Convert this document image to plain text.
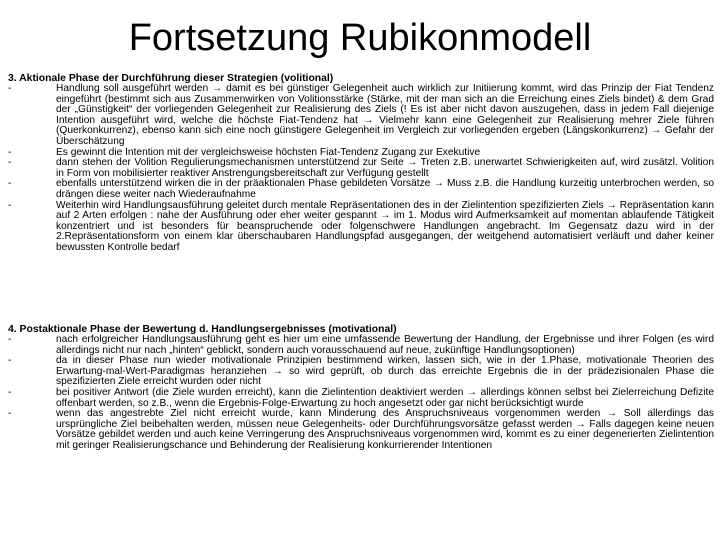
Fortsetzung Rubikonmodell
3. Aktionale Phase der Durchführung dieser Strategien (volitional)
-	Handlung soll ausgeführt werden → damit es bei günstiger Gelegenheit auch wirklich zur Initiierung kommt, wird das Prinzip der Fiat Tendenz eingeführt (bestimmt sich aus Zusammenwirken von Volitionsstärke (Stärke, mit der man sich an die Erreichung eines Ziels bindet) & dem Grad der „Günstigkeit“ der vorliegenden Gelegenheit zur Realisierung des Ziels (! Es ist aber nicht davon auszugehen, dass in jedem Fall diejenige Intention ausgeführt wird, welche die höchste Fiat-Tendenz hat → Vielmehr kann eine Gelegenheit zur Realisierung mehrer Ziele führen (Querkonkurrenz), ebenso kann sich eine noch günstigere Gelegenheit im Vergleich zur vorliegenden ergeben (Längskonkurrenz) → Gefahr der Überschätzung
-	Es gewinnt die Intention mit der vergleichsweise höchsten Fiat-Tendenz Zugang zur Exekutive
-	dann stehen der Volition Regulierungsmechanismen unterstützend zur Seite → Treten z.B. unerwartet Schwierigkeiten auf, wird zusätzl. Volition in Form von mobilisierter reaktiver Anstrengungsbereitschaft zur Verfügung gestellt
-	ebenfalls unterstützend wirken die in der präaktionalen Phase gebildeten Vorsätze → Muss z.B. die Handlung kurzeitig unterbrochen werden, so drängen diese weiter nach Wiederaufnahme
-	Weiterhin wird Handlungsausführung geleitet durch mentale Repräsentationen des in der Zielintention spezifizierten Ziels → Repräsentation kann auf 2 Arten erfolgen : nahe der Ausführung oder eher weiter gespannt → im 1. Modus wird Aufmerksamkeit auf momentan ablaufende Tätigkeit konzentriert und ist besonders für beanspruchende oder folgenschwere Handlungen angebracht. Im Gegensatz dazu wird in der 2.Repräsentationsform von einem klar überschaubaren Handlungspfad ausgegangen, der weitgehend automatisiert verläuft und daher keiner bewussten Kontrolle bedarf
4. Postaktionale Phase der Bewertung d. Handlungsergebnisses (motivational)
-	nach erfolgreicher Handlungsausführung geht es hier um eine umfassende Bewertung der Handlung, der Ergebnisse und ihrer Folgen (es wird allerdings nicht nur nach „hinten“ geblickt, sondern auch vorausschauend auf neue, zukünftige Handlungsoptionen)
-	da in dieser Phase nun wieder motivationale Prinzipien bestimmend wirken, lassen sich, wie in der 1.Phase, motivationale Theorien des Erwartung-mal-Wert-Paradigmas heranziehen → so wird geprüft, ob durch das erreichte Ergebnis die in der prädezisionalen Phase die spezifizierten Ziele erreicht wurden oder nicht
-	bei positiver Antwort (die Ziele wurden erreicht), kann die Zielintention deaktiviert werden → allerdings können selbst bei Zielerreichung Defizite offenbart werden, so z.B., wenn die Ergebnis-Folge-Erwartung zu hoch angesetzt oder gar nicht berücksichtigt wurde
-	wenn das angestrebte Ziel nicht erreicht wurde, kann Minderung des Anspruchsniveaus vorgenommen werden → Soll allerdings das ursprüngliche Ziel beibehalten werden, müssen neue Gelegenheits- oder Durchführungsvorsätze gefasst werden → Falls dagegen keine neuen Vorsätze gebildet werden und auch keine Verringerung des Anspruchsniveaus vorgenommen wird, kommt es zu einer degenerierten Zielintention mit geringer Realisierungschance und Behinderung der Realisierung konkurrierender Intentionen
